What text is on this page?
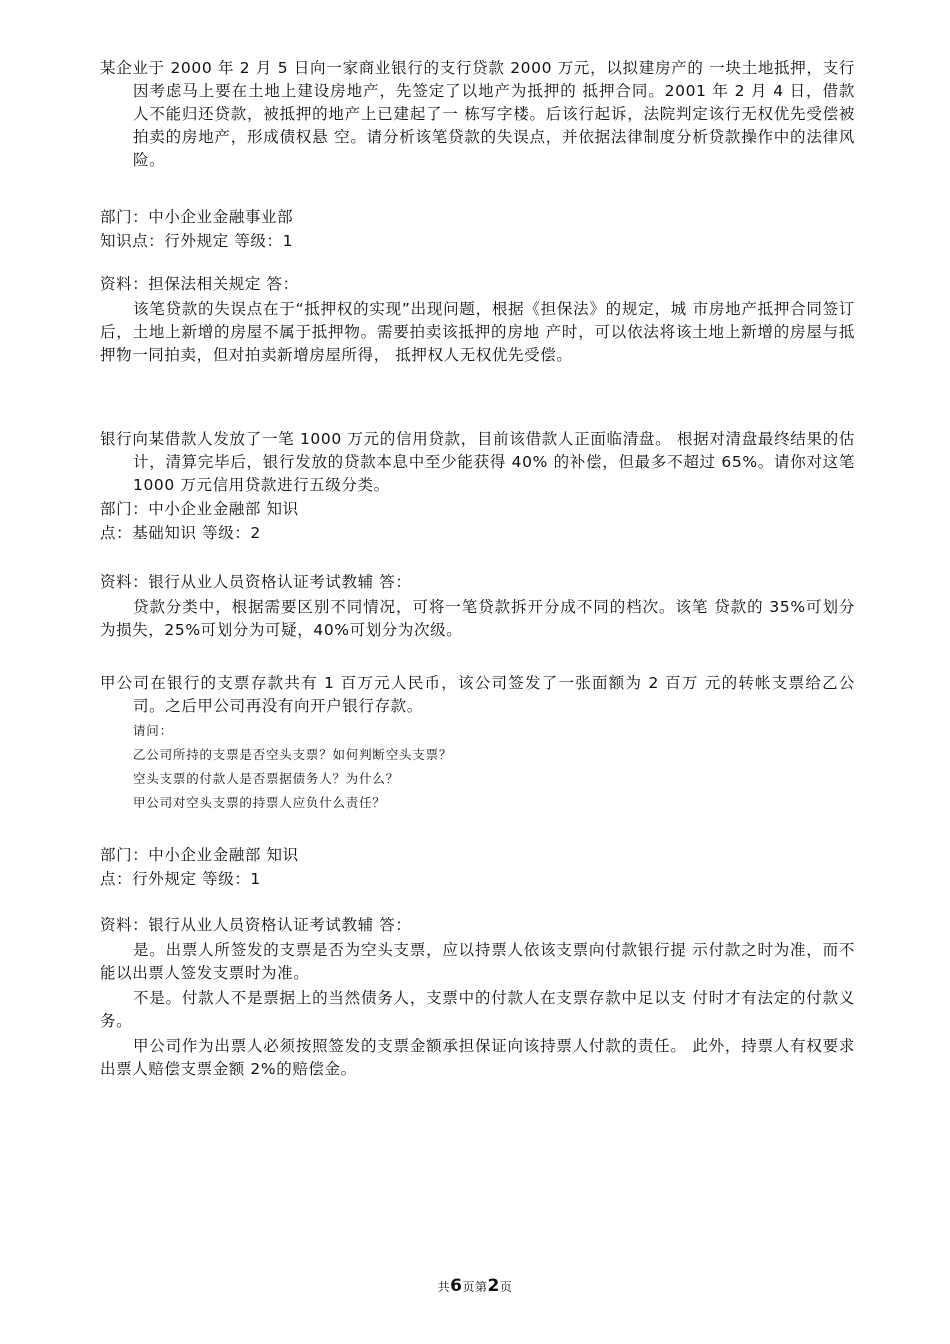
某企业于 2000 年 2 月 5 日向一家商业银行的支行贷款 2000 万元，以拟建房产的 一块土地抵押，支行因考虑马上要在土地上建设房地产，先签定了以地产为抵押的 抵押合同。2001 年 2 月 4 日，借款人不能归还贷款，被抵押的地产上已建起了一 栋写字楼。后该行起诉，法院判定该行无权优先受偿被拍卖的房地产，形成债权悬 空。请分析该笔贷款的失误点，并依据法律制度分析贷款操作中的法律风险。

部门：中小企业金融事业部

知识点：行外规定 等级：1

资料：担保法相关规定 答：

该笔贷款的失误点在于“抵押权的实现”出现问题，根据《担保法》的规定，城 市房地产抵押合同签订后，土地上新增的房屋不属于抵押物。需要拍卖该抵押的房地 产时，可以依法将该土地上新增的房屋与抵押物一同拍卖，但对拍卖新增房屋所得， 抵押权人无权优先受偿。

银行向某借款人发放了一笔 1000 万元的信用贷款，目前该借款人正面临清盘。 根据对清盘最终结果的估计，清算完毕后，银行发放的贷款本息中至少能获得 40% 的补偿，但最多不超过 65%。请你对这笔 1000 万元信用贷款进行五级分类。

部门：中小企业金融部 知识

点：基础知识 等级：2

资料：银行从业人员资格认证考试教辅 答：

贷款分类中，根据需要区别不同情况，可将一笔贷款拆开分成不同的档次。该笔 贷款的 35%可划分为损失，25%可划分为可疑，40%可划分为次级。

甲公司在银行的支票存款共有 1 百万元人民币，该公司签发了一张面额为 2 百万 元的转帐支票给乙公司。之后甲公司再没有向开户银行存款。

请问：

乙公司所持的支票是否空头支票？如何判断空头支票？

空头支票的付款人是否票据债务人？为什么？

甲公司对空头支票的持票人应负什么责任？

部门：中小企业金融部 知识

点：行外规定 等级：1

资料：银行从业人员资格认证考试教辅 答：

是。出票人所签发的支票是否为空头支票，应以持票人依该支票向付款银行提 示付款之时为准，而不能以出票人签发支票时为准。

不是。付款人不是票据上的当然债务人，支票中的付款人在支票存款中足以支 付时才有法定的付款义务。

甲公司作为出票人必须按照签发的支票金额承担保证向该持票人付款的责任。 此外，持票人有权要求出票人赔偿支票金额 2%的赔偿金。

共6页第2页
